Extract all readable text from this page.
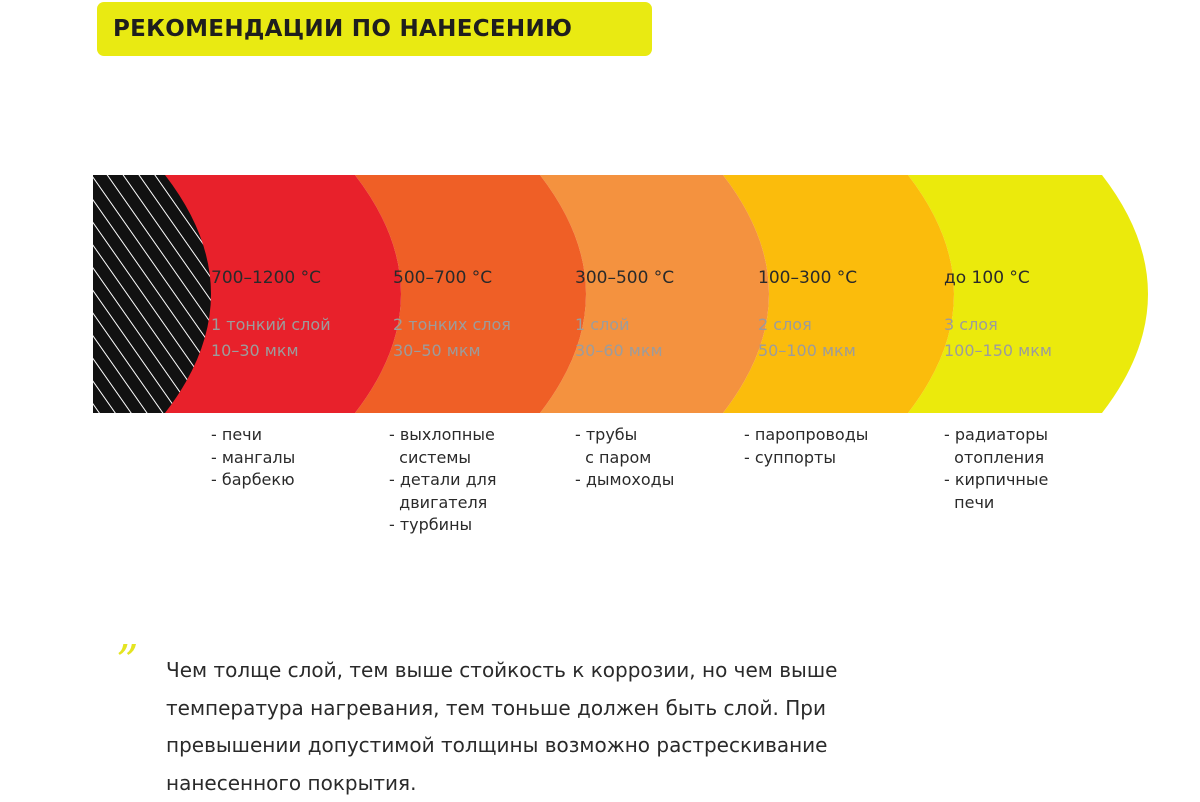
РЕКОМЕНДАЦИИ ПО НАНЕСЕНИЮ
700–1200 °С
1 тонкий слой
10–30 мкм
- печи
- мангалы
- барбекю
500–700 °С
2 тонких слоя
30–50 мкм
- выхлопные
системы
- детали для
двигателя
- турбины
300–500 °С
1 слой
30–60 мкм
- трубы
с паром
- дымоходы
100–300 °С
2 слоя
50–100 мкм
- паропроводы
- суппорты
до 100 °С
3 слоя
100–150 мкм
- радиаторы
отопления
- кирпичные
печи
” Чем толще слой, тем выше стойкость к коррозии, но чем выше
температура нагревания, тем тоньше должен быть слой. При
превышении допустимой толщины возможно растрескивание
нанесенного покрытия.
